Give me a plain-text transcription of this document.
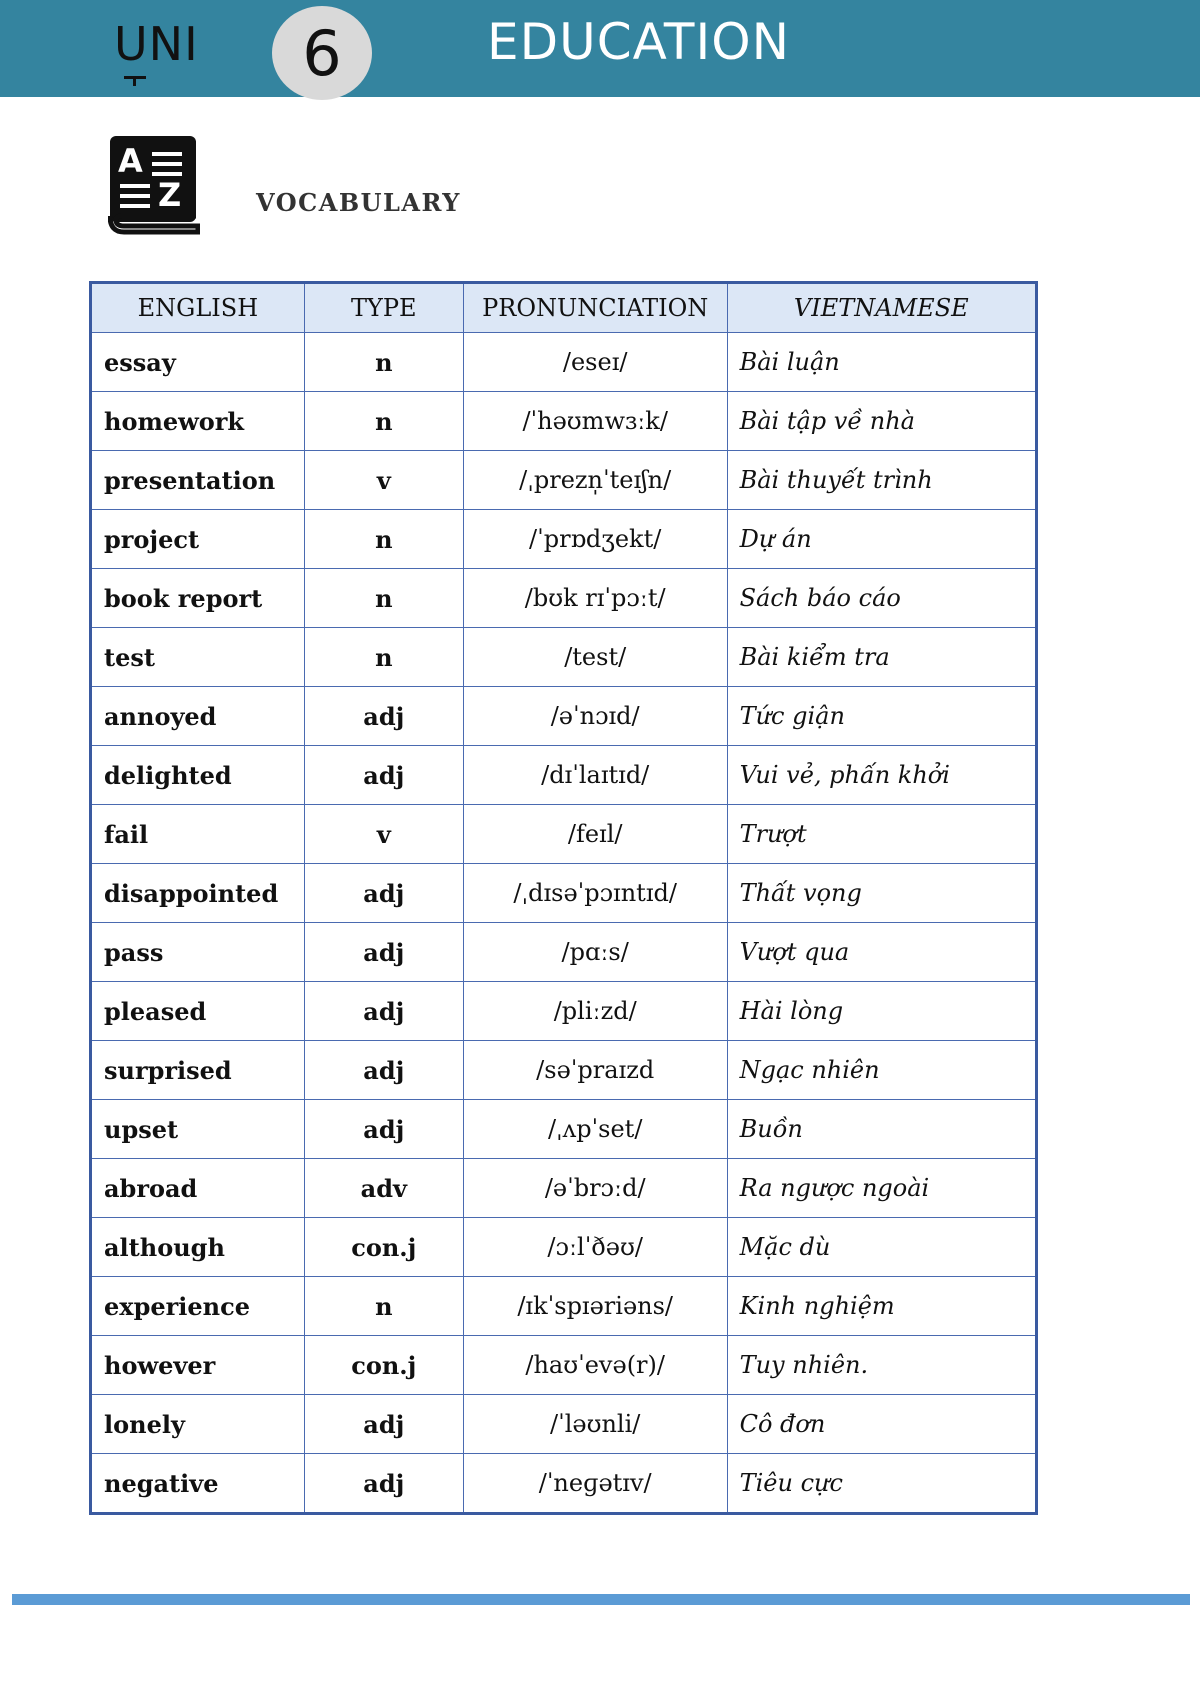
UNI 6	EDUCATION
A
Z	VOCABULARY
ENGLISH	TYPE	PRONUNCIATION	VIETNAMESE
essay	n	/eseɪ/	Bài luận
homework	n	/ˈhəʊmwɜːk/	Bài tập về nhà
presentation	v	/ˌprezn̩ˈteɪʃn/	Bài thuyết trình
project	n	/ˈprɒdʒekt/	Dự án
book report	n	/bʊk rɪˈpɔːt/	Sách báo cáo
test	n	/test/	Bài kiểm tra
annoyed	adj	/əˈnɔɪd/	Tức giận
delighted	adj	/dɪˈlaɪtɪd/	Vui vẻ, phấn khởi
fail	v	/feɪl/	Trượt
disappointed	adj	/ˌdɪsəˈpɔɪntɪd/	Thất vọng
pass	adj	/pɑːs/	Vượt qua
pleased	adj	/pliːzd/	Hài lòng
surprised	adj	/səˈpraɪzd	Ngạc nhiên
upset	adj	/ˌʌpˈset/	Buồn
abroad	adv	/əˈbrɔːd/	Ra ngược ngoài
although	con.j	/ɔːlˈðəʊ/	Mặc dù
experience	n	/ɪkˈspɪəriəns/	Kinh nghiệm
however	con.j	/haʊˈevə(r)/	Tuy nhiên.
lonely	adj	/ˈləʊnli/	Cô đơn
negative	adj	/ˈneɡətɪv/	Tiêu cực
